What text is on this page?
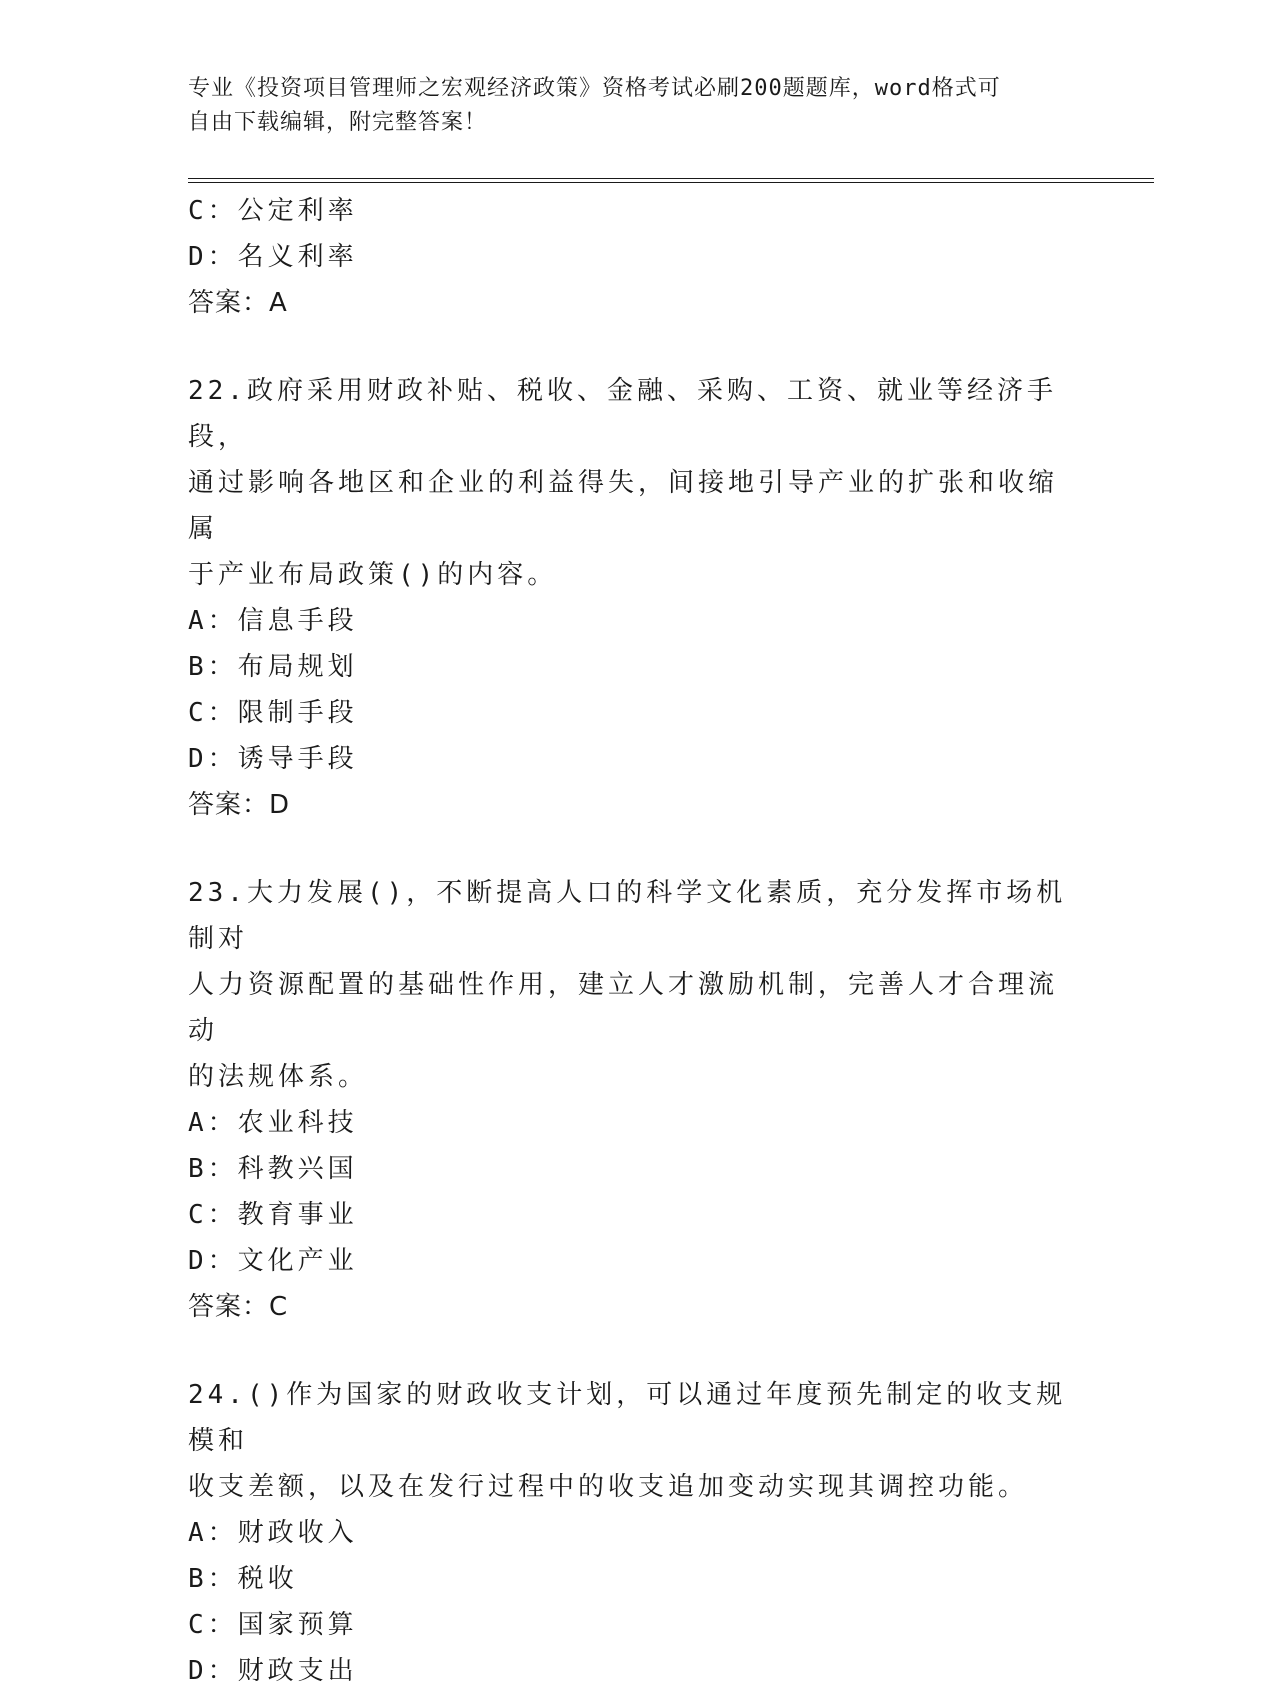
专业《投资项目管理师之宏观经济政策》资格考试必刷200题题库，word格式可
自由下载编辑，附完整答案！
C：公定利率
D：名义利率
答案：A
22.政府采用财政补贴、税收、金融、采购、工资、就业等经济手段，
通过影响各地区和企业的利益得失，间接地引导产业的扩张和收缩属
于产业布局政策()的内容。
A：信息手段
B：布局规划
C：限制手段
D：诱导手段
答案：D
23.大力发展()，不断提高人口的科学文化素质，充分发挥市场机制对
人力资源配置的基础性作用，建立人才激励机制，完善人才合理流动
的法规体系。
A：农业科技
B：科教兴国
C：教育事业
D：文化产业
答案：C
24.()作为国家的财政收支计划，可以通过年度预先制定的收支规模和
收支差额，以及在发行过程中的收支追加变动实现其调控功能。
A：财政收入
B：税收
C：国家预算
D：财政支出
